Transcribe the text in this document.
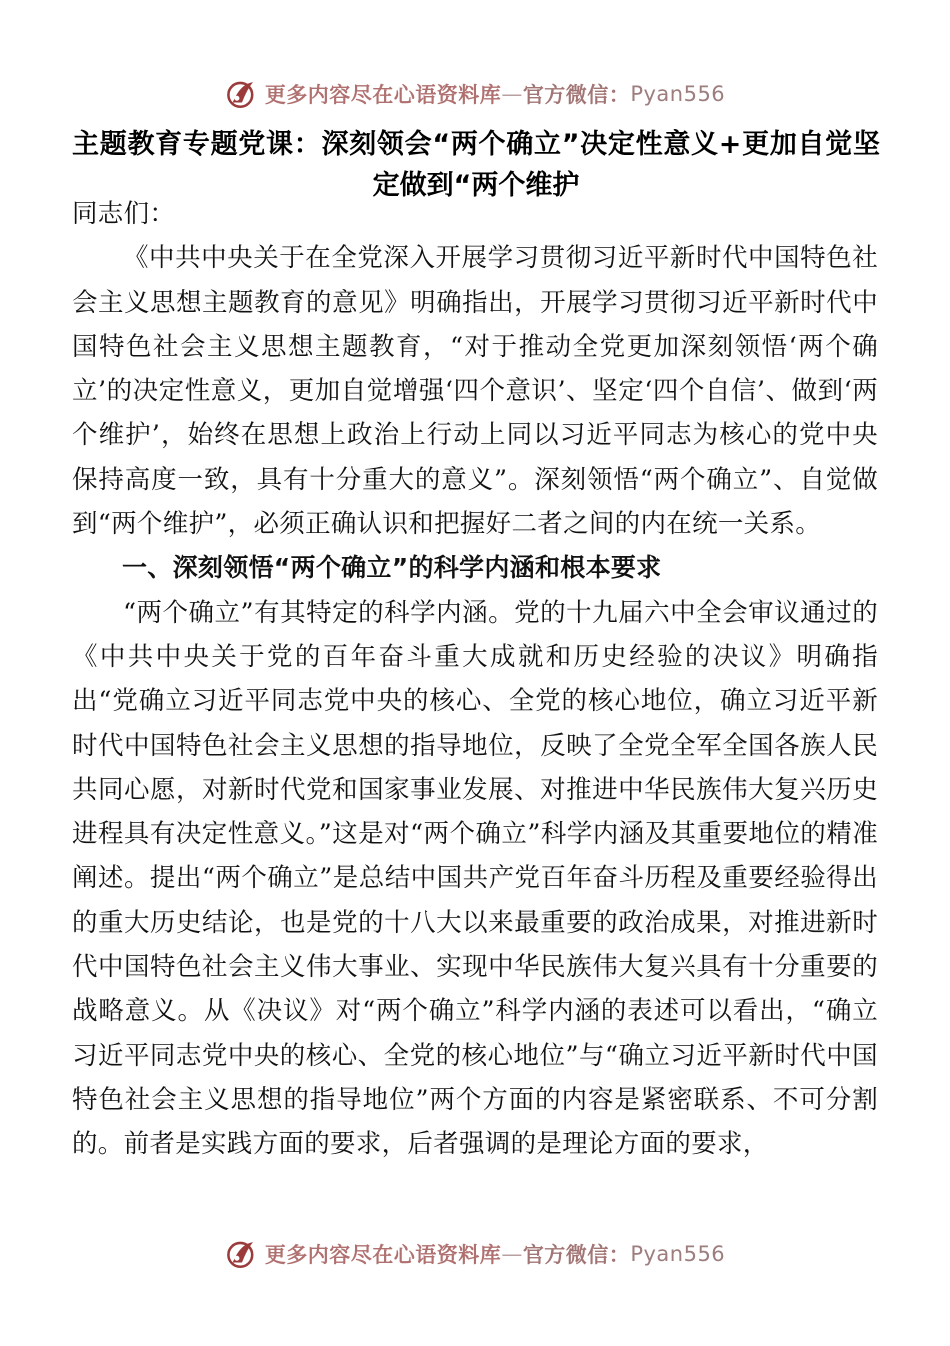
更多内容尽在心语资料库 — 官方微信： Pyan556
主题教育专题党课：深刻领会“两个确立”决定性意义+更加自觉坚定做到“两个维护

同志们：

《中共中央关于在全党深入开展学习贯彻习近平新时代中国特色社会主义思想主题教育的意见》明确指出，开展学习贯彻习近平新时代中国特色社会主义思想主题教育，“对于推动全党更加深刻领悟‘两个确立’的决定性意义，更加自觉增强‘四个意识’、坚定‘四个自信’、做到‘两个维护’，始终在思想上政治上行动上同以习近平同志为核心的党中央保持高度一致，具有十分重大的意义”。深刻领悟“两个确立”、自觉做到“两个维护”，必须正确认识和把握好二者之间的内在统一关系。

一、深刻领悟“两个确立”的科学内涵和根本要求

“两个确立”有其特定的科学内涵。党的十九届六中全会审议通过的《中共中央关于党的百年奋斗重大成就和历史经验的决议》明确指出“党确立习近平同志党中央的核心、全党的核心地位，确立习近平新时代中国特色社会主义思想的指导地位，反映了全党全军全国各族人民共同心愿，对新时代党和国家事业发展、对推进中华民族伟大复兴历史进程具有决定性意义。”这是对“两个确立”科学内涵及其重要地位的精准阐述。提出“两个确立”是总结中国共产党百年奋斗历程及重要经验得出的重大历史结论，也是党的十八大以来最重要的政治成果，对推进新时代中国特色社会主义伟大事业、实现中华民族伟大复兴具有十分重要的战略意义。从《决议》对“两个确立”科学内涵的表述可以看出，“确立习近平同志党中央的核心、全党的核心地位”与“确立习近平新时代中国特色社会主义思想的指导地位”两个方面的内容是紧密联系、不可分割的。前者是实践方面的要求，后者强调的是理论方面的要求，

更多内容尽在心语资料库 — 官方微信： Pyan556
